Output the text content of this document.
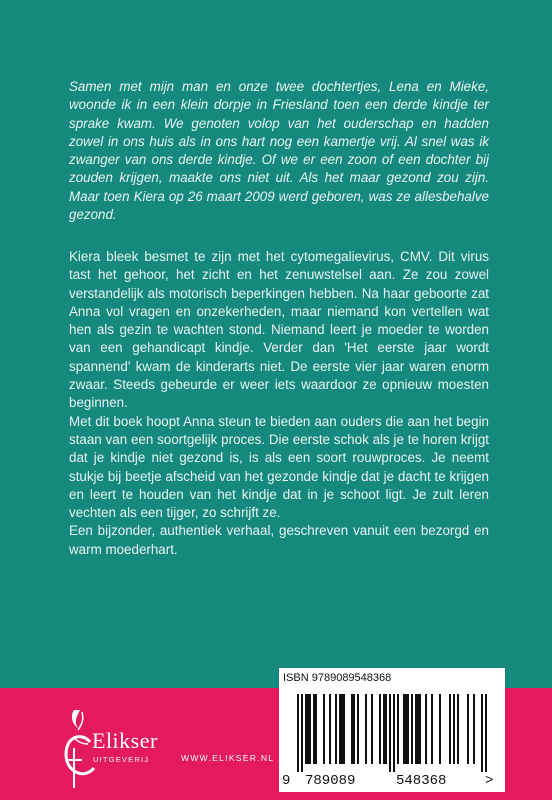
Samen met mijn man en onze twee dochtertjes, Lena en Mieke, woonde ik in een klein dorpje in Friesland toen een derde kindje ter sprake kwam. We genoten volop van het ouderschap en hadden zowel in ons huis als in ons hart nog een kamertje vrij. Al snel was ik zwanger van ons derde kindje. Of we er een zoon of een dochter bij zouden krijgen, maakte ons niet uit. Als het maar gezond zou zijn. Maar toen Kiera op 26 maart 2009 werd geboren, was ze allesbehalve gezond.

Kiera bleek besmet te zijn met het cytomegalievirus, CMV. Dit virus tast het gehoor, het zicht en het zenuwstelsel aan. Ze zou zowel verstandelijk als motorisch beperkingen hebben. Na haar geboorte zat Anna vol vragen en onzekerheden, maar niemand kon vertellen wat hen als gezin te wachten stond. Niemand leert je moeder te worden van een gehandicapt kindje. Verder dan 'Het eerste jaar wordt spannend' kwam de kinderarts niet. De eerste vier jaar waren enorm zwaar. Steeds gebeurde er weer iets waardoor ze opnieuw moesten beginnen.

Met dit boek hoopt Anna steun te bieden aan ouders die aan het begin staan van een soortgelijk proces. Die eerste schok als je te horen krijgt dat je kindje niet gezond is, is als een soort rouwproces. Je neemt stukje bij beetje afscheid van het gezonde kindje dat je dacht te krijgen en leert te houden van het kindje dat in je schoot ligt. Je zult leren vechten als een tijger, zo schrijft ze.

Een bijzonder, authentiek verhaal, geschreven vanuit een bezorgd en warm moederhart.

ISBN 9789089548368
Elikser
UITGEVERIJ	WWW.ELIKSER.NL
9 789089	548368	>
